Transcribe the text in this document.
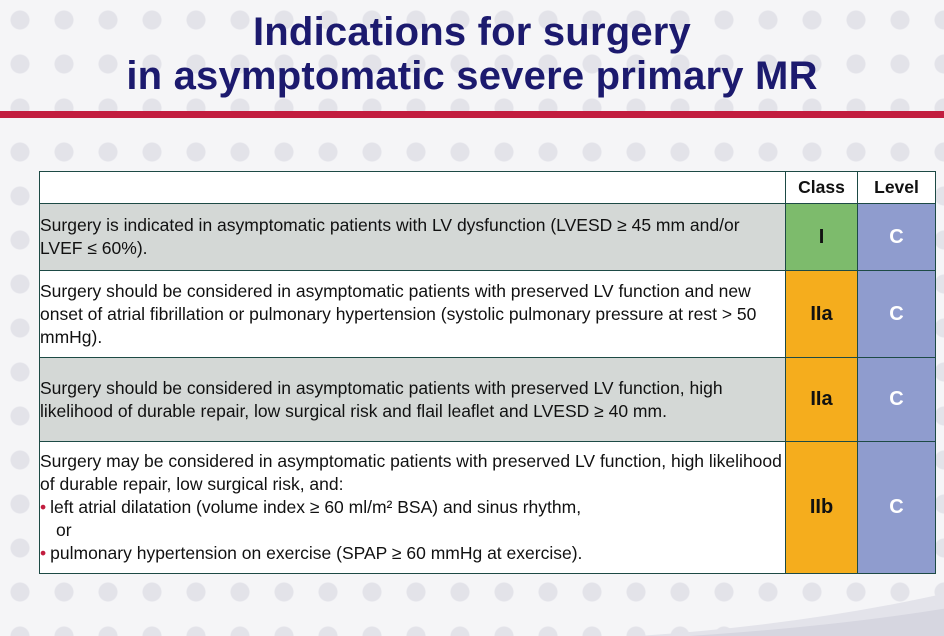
Indications for surgery
in asymptomatic severe primary MR
	Class	Level
Surgery is indicated in asymptomatic patients with LV dysfunction (LVESD ≥ 45 mm and/or LVEF ≤ 60%).	I	C
Surgery should be considered in asymptomatic patients with preserved LV function and new onset of atrial fibrillation or pulmonary hypertension (systolic pulmonary pressure at rest > 50 mmHg).	IIa	C
Surgery should be considered in asymptomatic patients with preserved LV function, high likelihood of durable repair, low surgical risk and flail leaflet and LVESD ≥ 40 mm.	IIa	C

Surgery may be considered in asymptomatic patients with preserved LV function, high likelihood of durable repair, low surgical risk, and:
• left atrial dilatation (volume index ≥ 60 ml/m² BSA) and sinus rhythm,
or
• pulmonary hypertension on exercise (SPAP ≥ 60 mmHg at exercise).	IIb	C
